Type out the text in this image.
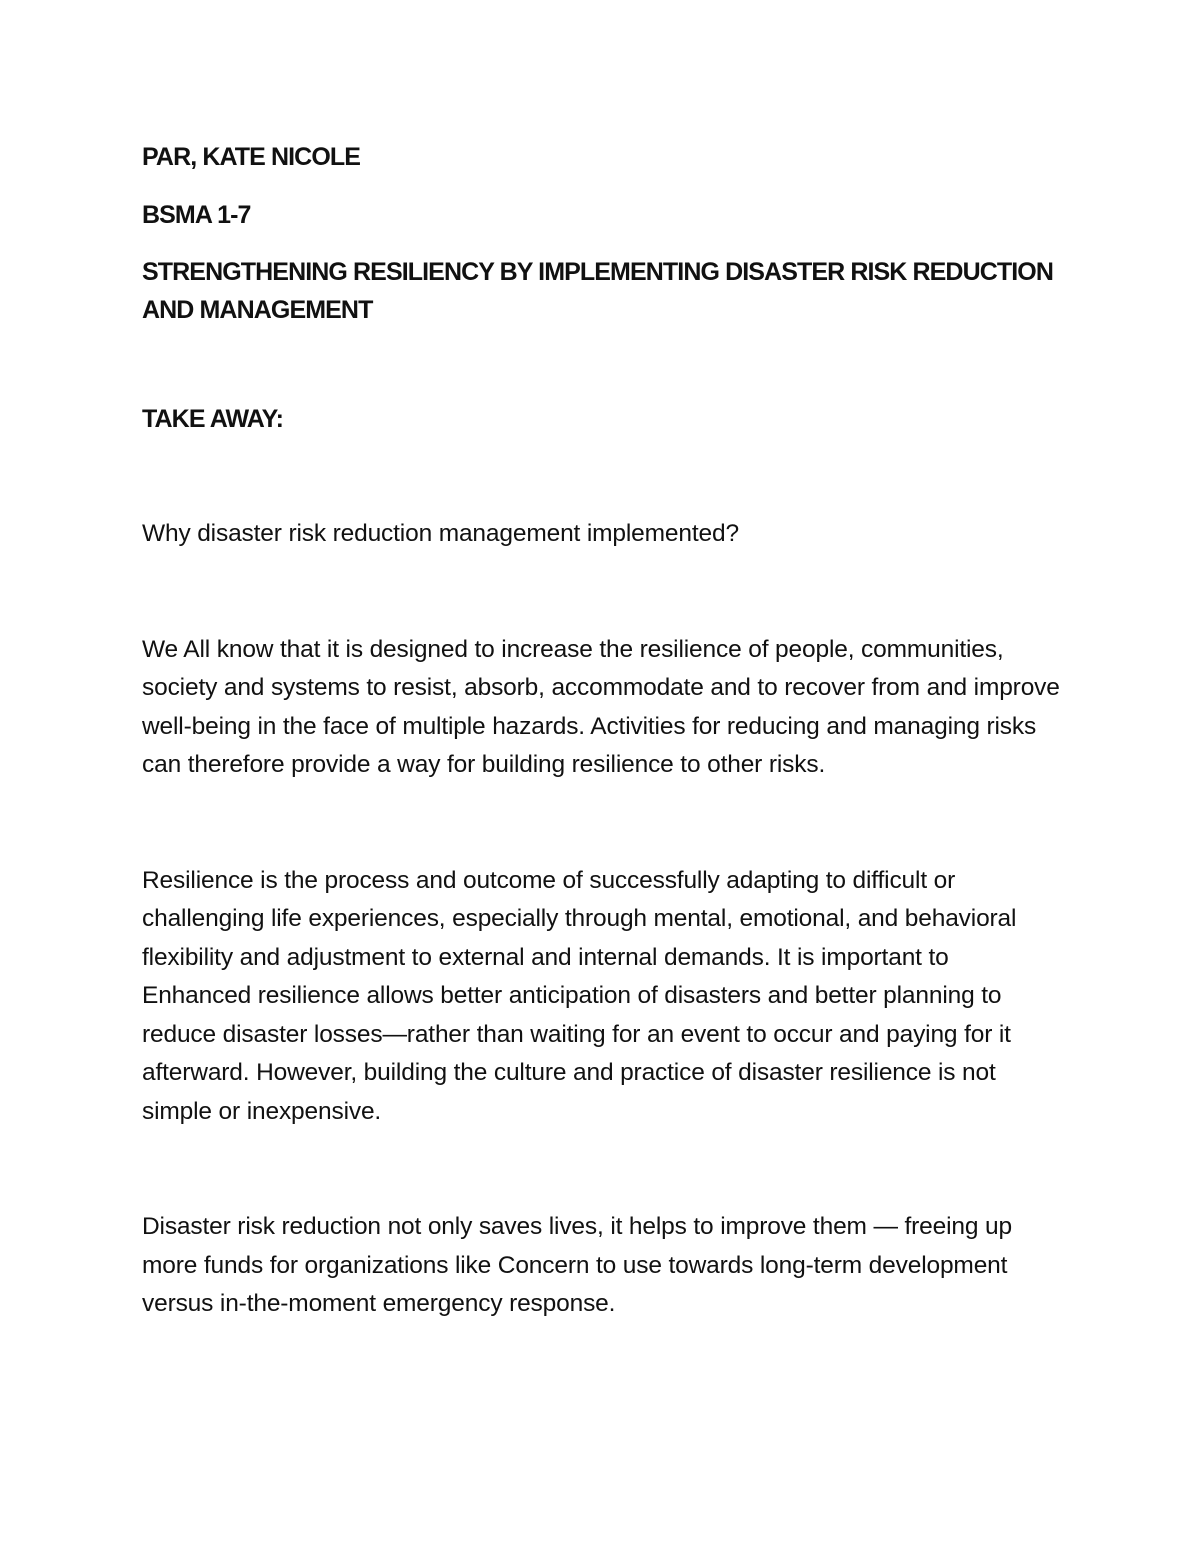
PAR, KATE NICOLE

BSMA 1-7

STRENGTHENING RESILIENCY BY IMPLEMENTING DISASTER RISK REDUCTION AND MANAGEMENT

TAKE AWAY:

Why disaster risk reduction management implemented?

We All know that it is designed to increase the resilience of people, communities, society and systems to resist, absorb, accommodate and to recover from and improve well-being in the face of multiple hazards. Activities for reducing and managing risks can therefore provide a way for building resilience to other risks.

Resilience is the process and outcome of successfully adapting to difficult or challenging life experiences, especially through mental, emotional, and behavioral flexibility and adjustment to external and internal demands. It is important to Enhanced resilience allows better anticipation of disasters and better planning to reduce disaster losses—rather than waiting for an event to occur and paying for it afterward. However, building the culture and practice of disaster resilience is not simple or inexpensive.

Disaster risk reduction not only saves lives, it helps to improve them — freeing up more funds for organizations like Concern to use towards long-term development versus in-the-moment emergency response.
